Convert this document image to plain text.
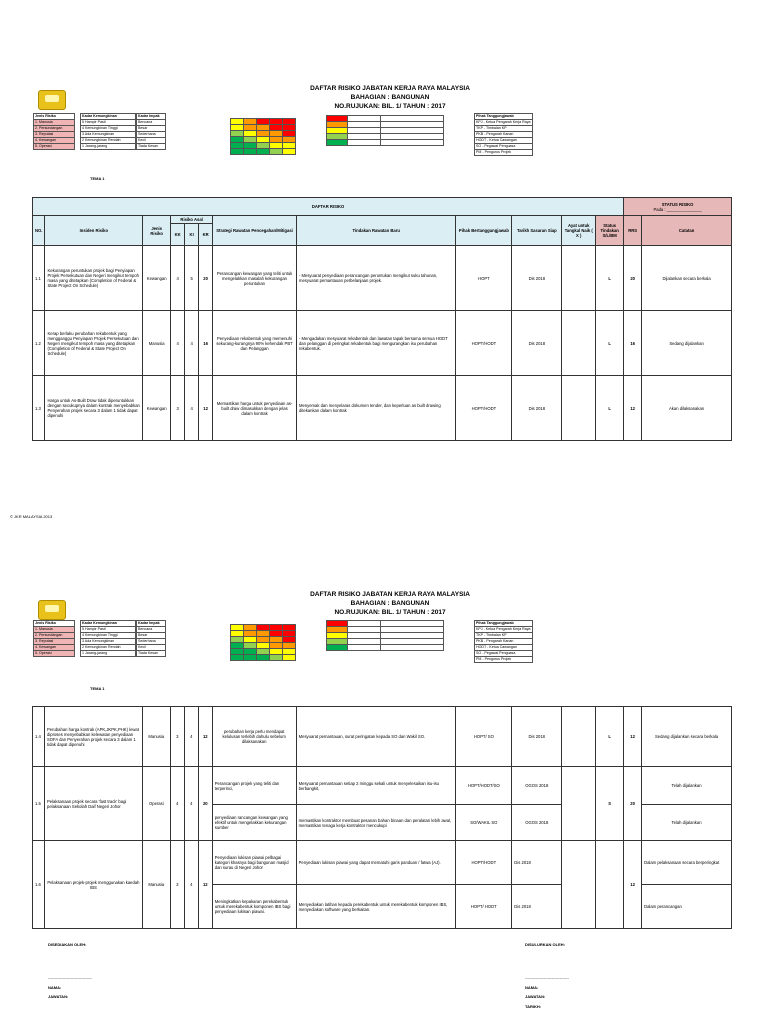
DAFTAR RISIKO JABATAN KERJA RAYA MALAYSIA
BAHAGIAN : BANGUNAN
NO.RUJUKAN: BIL. 1/ TAHUN : 2017
Jenis Risiko
1. Manusia
2. Persundangan
3. Reputasi
4. Kewangan
5. Operasi
Kadar Kemungkinan
5 Hampir Pasti
4 Kemungkinan Tinggi
3 Ada Kemungkinan
2 Kemungkinan Rendah
1 Jarang-jarang
Kadar Impak
Bencana
Besar
Sederhana
Kecil
Tiada Kesan

Pihak Tanggungjawab
KPJ - Ketua Pengarah Kerja Raya
TKP - Timbalan KP
PKB - Pengarah Kanan
HODT - Ketua Cawangan
SO - Pegawai Penguasa
PM - Pengurus Projek
TEMA 1
DAFTAR RISIKO												STATUS RISIKO
Pada : _______________	

NO.	Insiden Risiko	Jenis Risiko	Risiko Asal			Strategi Rawatan Pencegahan/Mitigasi	Tindakan Rawatan Baru	Pihak Bertanggungjawab	Tarikh Sasaran Siap	Ayat untuk Tangkal Naik ( X )	Status Tindakan S/L/BM	RRS	Catatan
			KK	KI	KR								
1.1	Kekurangan peruntukan projek bagi Penyiapan Projek Persekutuan dan Negeri mengikut tempoh masa yang ditetapkan (Completion of Federal & State Project On Schedule)	Kewangan	4	5	20	Perancangan kewangan yang teliti untuk mengelakkan masalah kekurangan peruntukan	- Mesyuarat penyediaan perancangan peruntukan mengikut suku tahunan, mesyuarat pemantauan perbelanjaan projek.	HOPT	Dis 2018		L	20	Dijalankan secara berkala
1.2	Kerap berlaku perubahan rekabentuk yang mengganggu Penyiapan Projek Persekutuan dan Negeri mengikut tempoh masa yang ditetapkan (Completion of Federal & State Project On Schedule)	Manusia	4	4	16	Penyediaan rekabentuk yang memenuhi sekurang-kurangnya 90% kehendak PBT dan Pelanggan	- Mengadakan mesyuarat rekabentuk dan lawatan tapak bersama semua HODT dan pelanggan di peringkat rekabentuk bagi mengurangkan isu perubahan rekabentuk.	HOPT/HODT	Dis 2018		L	16	Sedang dijalankan
1.3	Harga untuk As-Built Draw tidak diperuntukkan dengan secukupnya dalam kontrak menyebabkan Penyerahan projek secara 3 dalam 1 tidak dapat dipenuhi	Kewangan	3	4	12	Memastikan harga untuk penyediaan as-built draw dimasukkan dengan jelas dalam kontrak	Menyemak dan menyelaras dokumen tender, dan keperluan as built drawing ditekankan dalam kontrak	HOPT/HODT	Dis 2018		L	12	Akan dilaksanakan
© JKR MALAYSIA 2013
DAFTAR RISIKO JABATAN KERJA RAYA MALAYSIA
BAHAGIAN : BANGUNAN
NO.RUJUKAN: BIL. 1/ TAHUN : 2017
Jenis Risiko
1. Manusia
2. Persundangan
3. Reputasi
4. Kewangan
5. Operasi
Kadar Kemungkinan
5 Hampir Pasti
4 Kemungkinan Tinggi
3 Ada Kemungkinan
2 Kemungkinan Rendah
1 Jarang-jarang
Kadar Impak
Bencana
Besar
Sederhana
Kecil
Tiada Kesan

Pihak Tanggungjawab
KPJ - Ketua Pengarah Kerja Raya
TKP - Timbalan KP
PKB - Pengarah Kanan
HODT - Ketua Cawangan
SO - Pegawai Penguasa
PM - Pengurus Projek
TEMA 1
1.4	Perubahan harga kontrak (APK,JKPK,PHK) lewat diproses menyebabkan kelewatan penyediaan SOFA dan Penyerahan projek secara 3 dalam 1 tidak dapat dipenuhi	Manusia	3	4	12	perubahan kerja perlu mendapat kelulusan terlebih dahulu sebelum dilaksanakan	Mesyuarat pemantauan, surat peringatan kepada SO dan Wakil SO.	HOPT/ SO	Dis 2018		L	12	Sedang dijalankan secara berkala
1.5	Pelaksanaan projek secara 'fast track' bagi pelaksanaan Sekolah Daif Negeri Johor	Operasi	4	4	20	Perancangan projek yang teliti dan terperinci,	Mesyuarat pemantauan setiap 2 minggu sekali untuk menyelesaikan isu-isu berbangkit,	HOPT/HODT/SO	OGOS 2018		S	20	Telah dijalankan
						penyediaan rancangan kewangan yang efektif untuk mengelakkan kekurangan sumber	memastikan kontraktor membuat pesanan bahan binaan dan peralatan lebih awal, memastikan tenaga kerja kontraktor mencukupi	SO/WAKIL SO	OGOS 2018				Telah dijalankan
1.6	Pelaksanaan projek-projek menggunakan kaedah IBS	Manusia	3	4	12	Penyediaan lukisan piawai pelbagai kategori khasnya bagi bangunan masjid dan surau di Negeri Johor	Penyediaan lukisan piawai yang dapat mematuhi garis panduan / fatwa (AJ).	HOPT/HODT	Dis 2018			12	Dalam pelaksanaan secara berperingkat
						Meningkatkan kepakaran perekabentuk untuk merekabentuk komponen IBS bagi penyediaan lukisan piawai.	Menyediakan latihan kepada perekabentuk untuk merekabentuk komponen IBS, menyediakan software yang berkaitan.	HOPT/ HODT	Dis 2018				Dalam perancangan
DISEDIAKAN OLEH:	DISULURKAN OLEH:
---------------------------------	---------------------------------
NAMA:
JAWATAN:
NAMA:
JAWATAN:
TARIKH:
